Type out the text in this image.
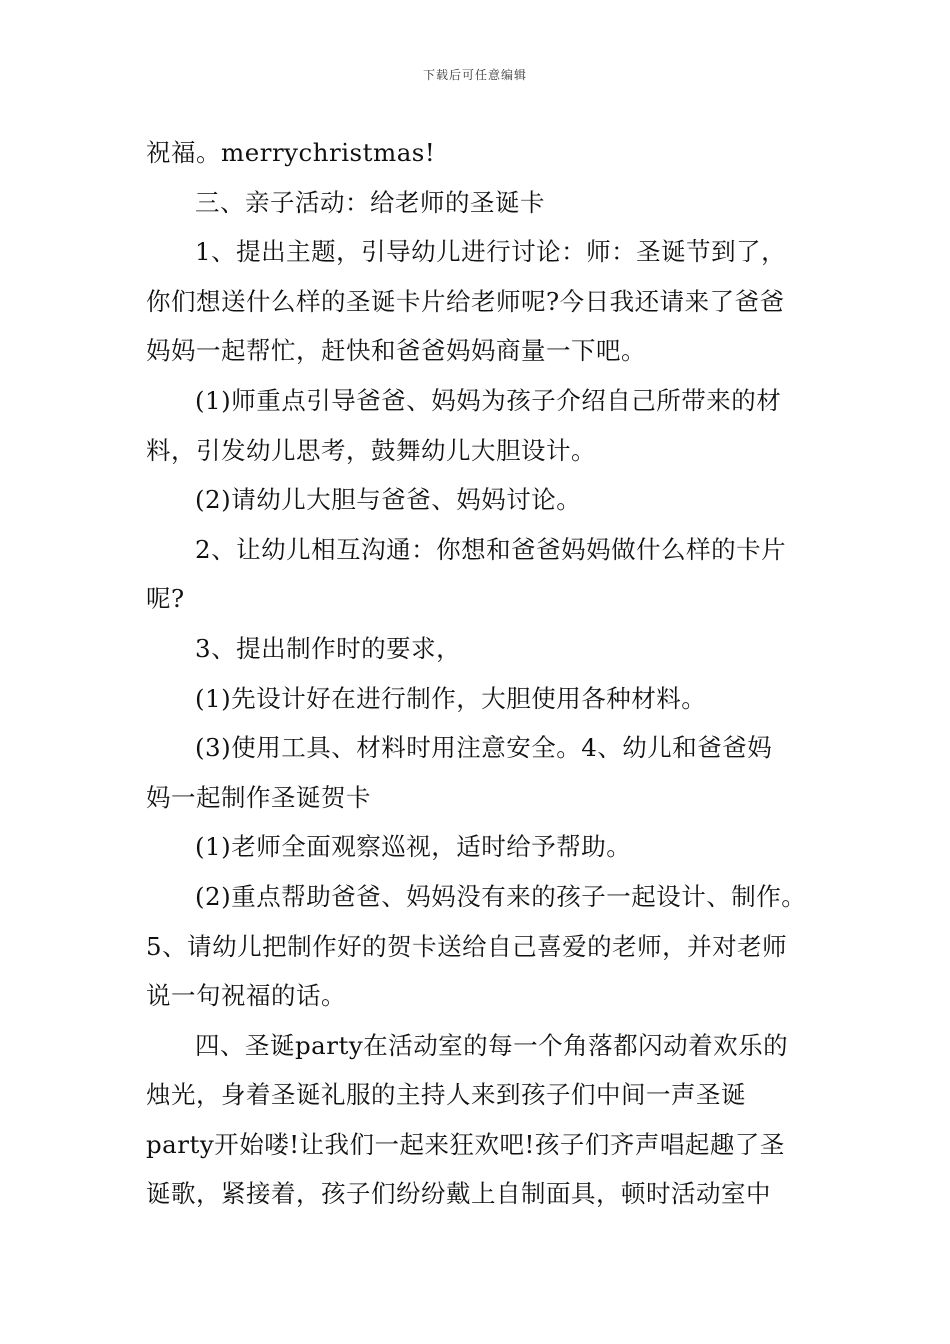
下载后可任意编辑
祝福。merrychristmas!
三、亲子活动：给老师的圣诞卡
1、提出主题，引导幼儿进行讨论：师：圣诞节到了，
你们想送什么样的圣诞卡片给老师呢?今日我还请来了爸爸
妈妈一起帮忙，赶快和爸爸妈妈商量一下吧。
(1)师重点引导爸爸、妈妈为孩子介绍自己所带来的材
料，引发幼儿思考，鼓舞幼儿大胆设计。
(2)请幼儿大胆与爸爸、妈妈讨论。
2、让幼儿相互沟通：你想和爸爸妈妈做什么样的卡片
呢?
3、提出制作时的要求，
(1)先设计好在进行制作，大胆使用各种材料。
(3)使用工具、材料时用注意安全。4、幼儿和爸爸妈
妈一起制作圣诞贺卡
(1)老师全面观察巡视，适时给予帮助。
(2)重点帮助爸爸、妈妈没有来的孩子一起设计、制作。
5、请幼儿把制作好的贺卡送给自己喜爱的老师，并对老师
说一句祝福的话。
四、圣诞party在活动室的每一个角落都闪动着欢乐的
烛光，身着圣诞礼服的主持人来到孩子们中间一声圣诞
party开始喽!让我们一起来狂欢吧!孩子们齐声唱起趣了圣
诞歌，紧接着，孩子们纷纷戴上自制面具，顿时活动室中
